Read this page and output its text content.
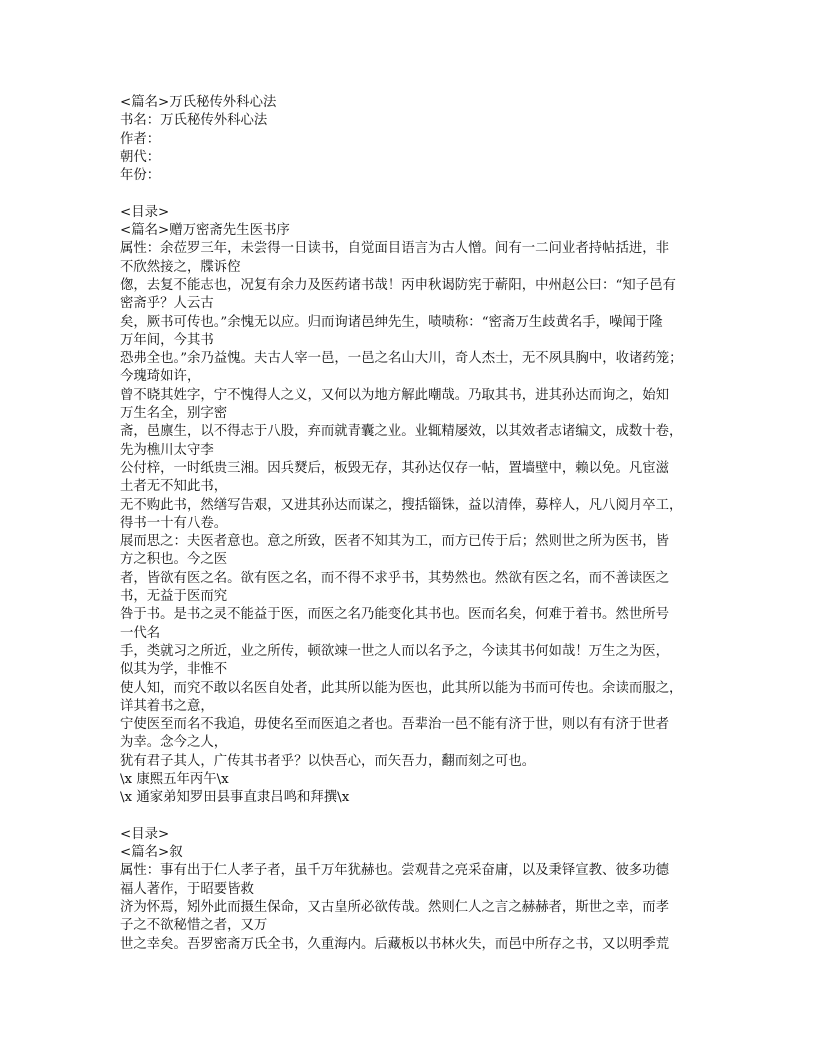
<篇名>万氏秘传外科心法
书名：万氏秘传外科心法
作者：
朝代：
年份：
<目录>
<篇名>赠万密斋先生医书序
属性：余莅罗三年，未尝得一日读书，自觉面目语言为古人憎。间有一二问业者持帖括进，非
不欣然接之，牒诉倥
偬，去复不能志也，况复有余力及医药诸书哉！丙申秋谒防宪于蕲阳，中州赵公曰：“知子邑有
密斋乎？人云古
矣，厥书可传也。”余愧无以应。归而询诸邑绅先生，啧啧称：“密斋万生歧黄名手，噪闻于隆
万年间，今其书
恐弗全也。”余乃益愧。夫古人宰一邑，一邑之名山大川，奇人杰士，无不夙具胸中，收诸药笼；
今瑰琦如许，
曾不晓其姓字，宁不愧得人之义，又何以为地方解此嘲哉。乃取其书，进其孙达而询之，始知
万生名全，别字密
斋，邑廪生，以不得志于八股，弃而就青囊之业。业辄精屡效，以其效者志诸编文，成数十卷，
先为樵川太守李
公付梓，一时纸贵三湘。因兵燹后，板毁无存，其孙达仅存一帖，置墙壁中，赖以免。凡宦滋
土者无不知此书，
无不购此书，然缮写告艰，又进其孙达而谋之，搜括锱铢，益以清俸，募梓人，凡八阅月卒工，
得书一十有八卷。
展而思之：夫医者意也。意之所致，医者不知其为工，而方已传于后；然则世之所为医书，皆
方之积也。今之医
者，皆欲有医之名。欲有医之名，而不得不求乎书，其势然也。然欲有医之名，而不善读医之
书，无益于医而究
咎于书。是书之灵不能益于医，而医之名乃能变化其书也。医而名矣，何难于着书。然世所号
一代名
手，类就习之所近，业之所传，顿欲竦一世之人而以名予之，今读其书何如哉！万生之为医，
似其为学，非惟不
使人知，而究不敢以名医自处者，此其所以能为医也，此其所以能为书而可传也。余读而服之，
详其着书之意，
宁使医至而名不我追，毋使名至而医追之者也。吾辈治一邑不能有济于世，则以有有济于世者
为幸。念今之人，
犹有君子其人，广传其书者乎？以快吾心，而矢吾力，翻而刻之可也。
\x 康熙五年丙午\x
\x 通家弟知罗田县事直隶吕鸣和拜撰\x
<目录>
<篇名>叙
属性：事有出于仁人孝子者，虽千万年犹赫也。尝观昔之亮采奋庸，以及秉铎宣教、彼多功德
福人著作，于昭要皆救
济为怀焉，矧外此而摄生保命，又古皇所必欲传哉。然则仁人之言之赫赫者，斯世之幸，而孝
子之不欲秘惜之者，又万
世之幸矣。吾罗密斋万氏全书，久重海内。后藏板以书林火失，而邑中所存之书，又以明季荒
